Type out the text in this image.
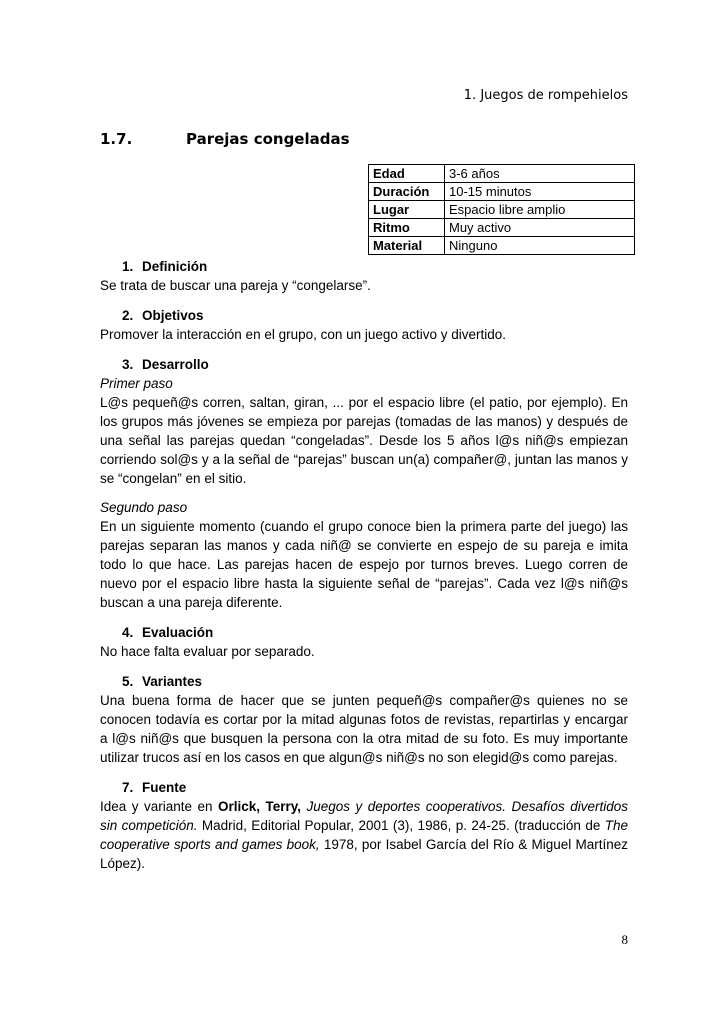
1. Juegos de rompehielos
1.7.	Parejas congeladas
Edad	3-6 años
Duración	10-15 minutos
Lugar	Espacio libre amplio
Ritmo	Muy activo
Material	Ninguno
1. Definición

Se trata de buscar una pareja y “congelarse”.

2. Objetivos

Promover la interacción en el grupo, con un juego activo y divertido.

3. Desarrollo

Primer paso

L@s pequeñ@s corren, saltan, giran, ... por el espacio libre (el patio, por ejemplo). En los grupos más jóvenes se empieza por parejas (tomadas de las manos) y después de una señal las parejas quedan “congeladas”. Desde los 5 años l@s niñ@s empiezan corriendo sol@s y a la señal de “parejas” buscan un(a) compañer@, juntan las manos y se “congelan” en el sitio.

Segundo paso

En un siguiente momento (cuando el grupo conoce bien la primera parte del juego) las parejas separan las manos y cada niñ@ se convierte en espejo de su pareja e imita todo lo que hace. Las parejas hacen de espejo por turnos breves. Luego corren de nuevo por el espacio libre hasta la siguiente señal de “parejas”. Cada vez l@s niñ@s buscan a una pareja diferente.

4. Evaluación

No hace falta evaluar por separado.

5. Variantes

Una buena forma de hacer que se junten pequeñ@s compañer@s quienes no se conocen todavía es cortar por la mitad algunas fotos de revistas, repartirlas y encargar a l@s niñ@s que busquen la persona con la otra mitad de su foto. Es muy importante utilizar trucos así en los casos en que algun@s niñ@s no son elegid@s como parejas.

7. Fuente

Idea y variante en Orlick, Terry, Juegos y deportes cooperativos. Desafíos divertidos sin competición. Madrid, Editorial Popular, 2001 (3), 1986, p. 24-25. (traducción de The cooperative sports and games book, 1978, por Isabel García del Río & Miguel Martínez López).

8
